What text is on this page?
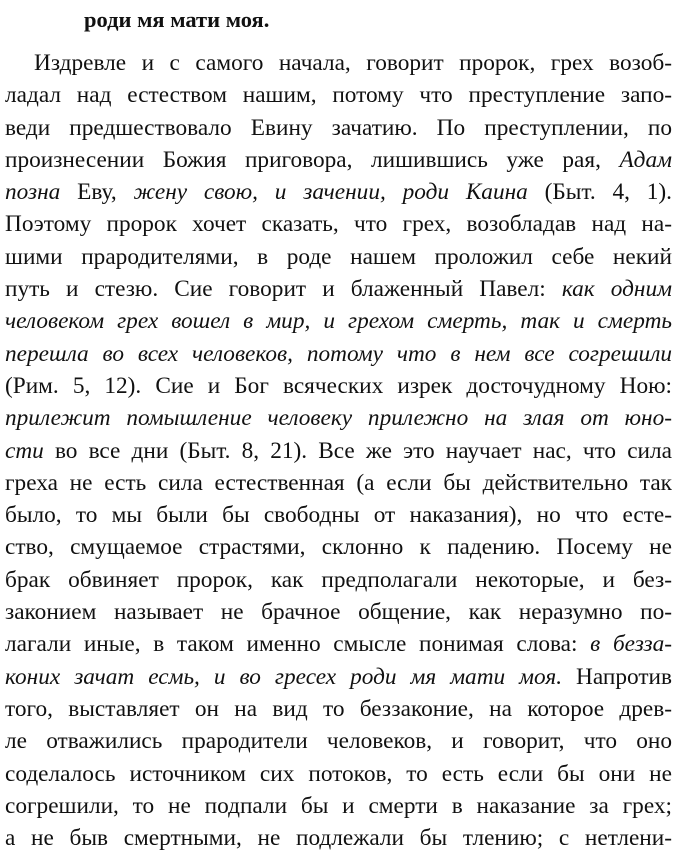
роди мя мати моя.
Издревле и с самого начала, говорит пророк, грех возоб-
ладал над естеством нашим, потому что преступление запо-
веди предшествовало Евину зачатию. По преступлении, по
произнесении Божия приговора, лишившись уже рая, Адам
позна Еву, жену свою, и зачении, роди Каина (Быт. 4, 1).
Поэтому пророк хочет сказать, что грех, возобладав над на-
шими прародителями, в роде нашем проложил себе некий
путь и стезю. Сие говорит и блаженный Павел: как одним
человеком грех вошел в мир, и грехом смерть, так и смерть
перешла во всех человеков, потому что в нем все согрешили
(Рим. 5, 12). Сие и Бог всяческих изрек досточудному Ною:
прилежит помышление человеку прилежно на злая от юно-
сти во все дни (Быт. 8, 21). Все же это научает нас, что сила
греха не есть сила естественная (а если бы действительно так
было, то мы были бы свободны от наказания), но что есте-
ство, смущаемое страстями, склонно к падению. Посему не
брак обвиняет пророк, как предполагали некоторые, и без-
законием называет не брачное общение, как неразумно по-
лагали иные, в таком именно смысле понимая слова: в безза-
коних зачат есмь, и во гресех роди мя мати моя. Напротив
того, выставляет он на вид то беззаконие, на которое древ-
ле отважились прародители человеков, и говорит, что оно
соделалось источником сих потоков, то есть если бы они не
согрешили, то не подпали бы и смерти в наказание за грех;
а не быв смертными, не подлежали бы тлению; с нетлени-
